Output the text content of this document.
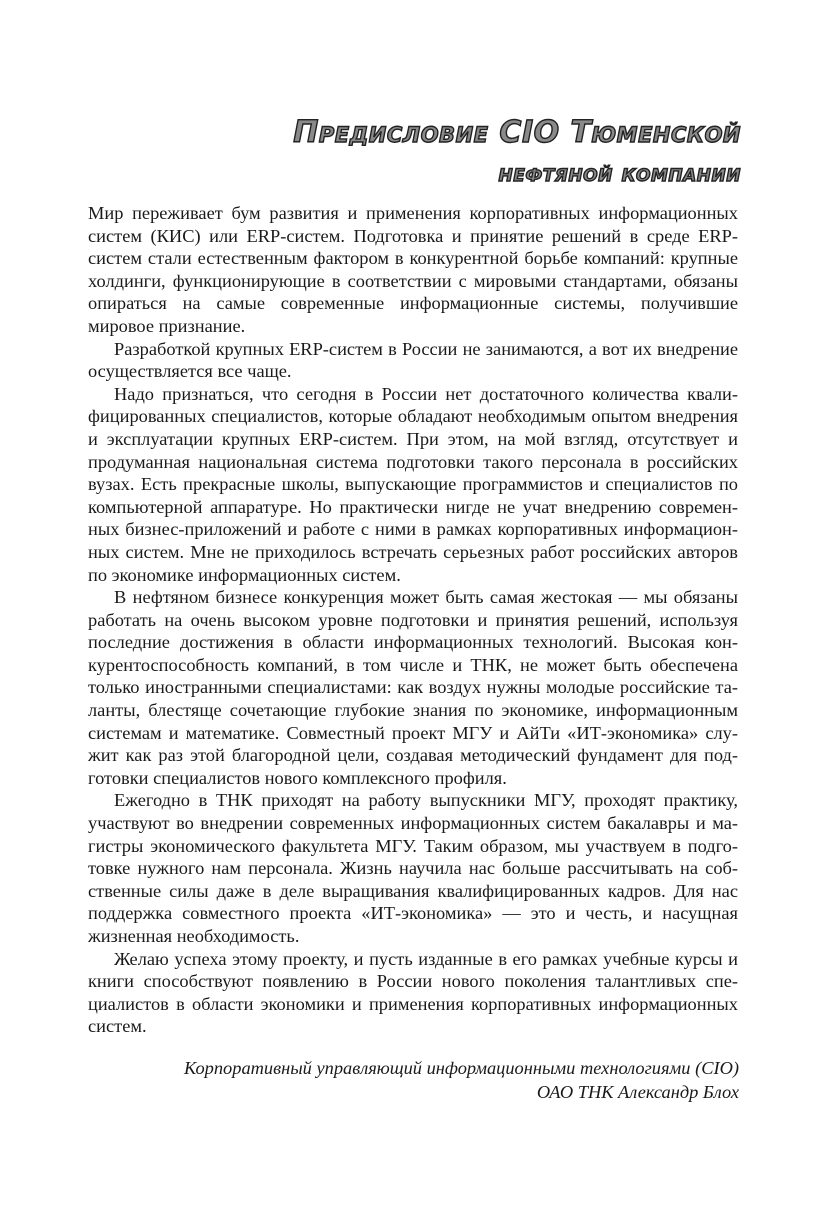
Предисловие CIO Тюменской
нефтяной компании

Мир переживает бум развития и применения корпоративных информационных систем (КИС) или ERP-систем. Подготовка и принятие решений в среде ERP-систем стали естественным фактором в конкурентной борьбе компаний: крупные холдинги, функционирующие в соответствии с мировыми стандартами, обязаны опираться на самые современные информационные системы, получившие мировое признание.

Разработкой крупных ERP-систем в России не занимаются, а вот их внедрение осуществляется все чаще.

Надо признаться, что сегодня в России нет достаточного количества квалифицированных специалистов, которые обладают необходимым опытом внедрения и эксплуатации крупных ERP-систем. При этом, на мой взгляд, отсутствует и продуманная национальная система подготовки такого персонала в российских вузах. Есть прекрасные школы, выпускающие программистов и специалистов по компьютерной аппаратуре. Но практически нигде не учат внедрению современных бизнес-приложений и работе с ними в рамках корпоративных информационных систем. Мне не приходилось встречать серьезных работ российских авторов по экономике информационных систем.

В нефтяном бизнесе конкуренция может быть самая жестокая — мы обязаны работать на очень высоком уровне подготовки и принятия решений, используя последние достижения в области информационных технологий. Высокая конкурентоспособность компаний, в том числе и ТНК, не может быть обеспечена только иностранными специалистами: как воздух нужны молодые российские таланты, блестяще сочетающие глубокие знания по экономике, информационным системам и математике. Совместный проект МГУ и АйТи «ИТ-экономика» служит как раз этой благородной цели, создавая методический фундамент для подготовки специалистов нового комплексного профиля.

Ежегодно в ТНК приходят на работу выпускники МГУ, проходят практику, участвуют во внедрении современных информационных систем бакалавры и магистры экономического факультета МГУ. Таким образом, мы участвуем в подготовке нужного нам персонала. Жизнь научила нас больше рассчитывать на собственные силы даже в деле выращивания квалифицированных кадров. Для нас поддержка совместного проекта «ИТ-экономика» — это и честь, и насущная жизненная необходимость.

Желаю успеха этому проекту, и пусть изданные в его рамках учебные курсы и книги способствуют появлению в России нового поколения талантливых специалистов в области экономики и применения корпоративных информационных систем.

Корпоративный управляющий информационными технологиями (CIO)
ОАО ТНК Александр Блох
